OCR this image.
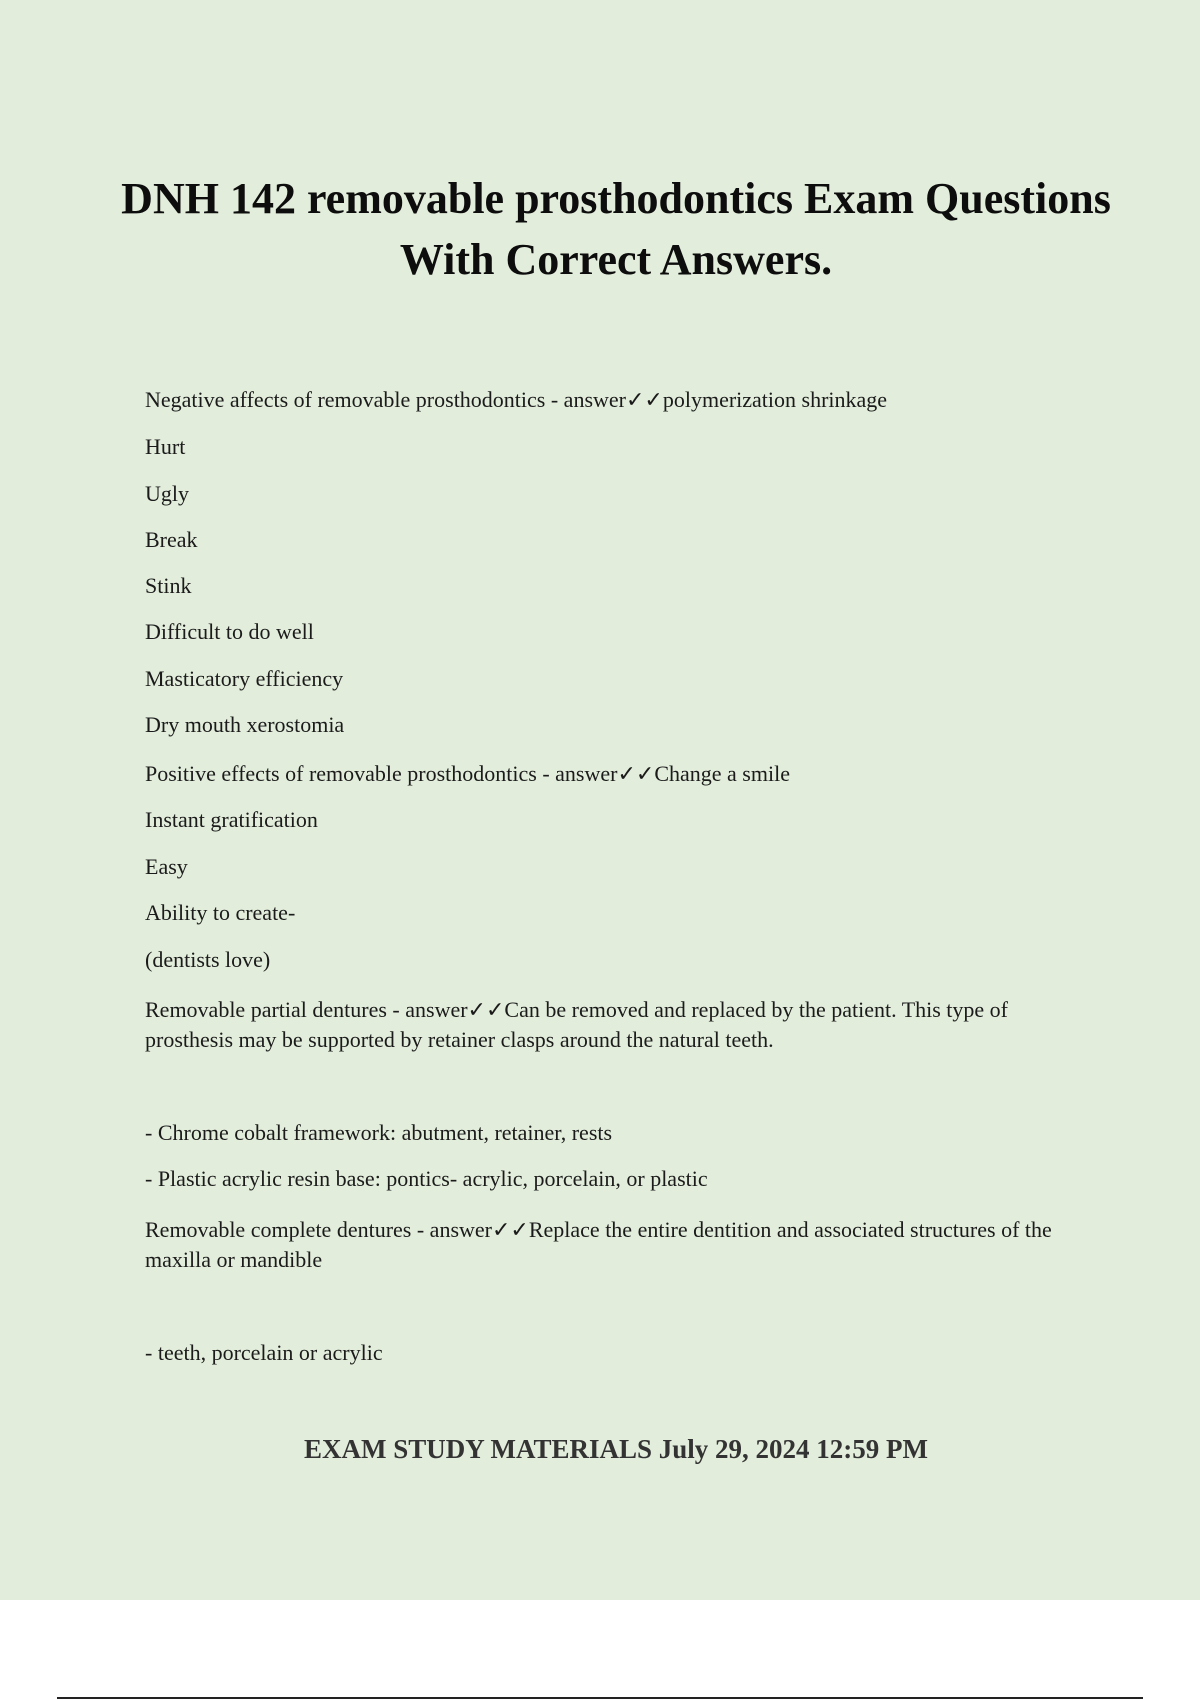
DNH 142 removable prosthodontics Exam Questions With Correct Answers.
Negative affects of removable prosthodontics - answer✓✓polymerization shrinkage
Hurt
Ugly
Break
Stink
Difficult to do well
Masticatory efficiency
Dry mouth xerostomia
Positive effects of removable prosthodontics - answer✓✓Change a smile
Instant gratification
Easy
Ability to create-
(dentists love)
Removable partial dentures - answer✓✓Can be removed and replaced by the patient. This type of prosthesis may be supported by retainer clasps around the natural teeth.
- Chrome cobalt framework: abutment, retainer, rests
- Plastic acrylic resin base: pontics- acrylic, porcelain, or plastic
Removable complete dentures - answer✓✓Replace the entire dentition and associated structures of the maxilla or mandible
- teeth, porcelain or acrylic
EXAM STUDY MATERIALS July 29, 2024 12:59 PM
